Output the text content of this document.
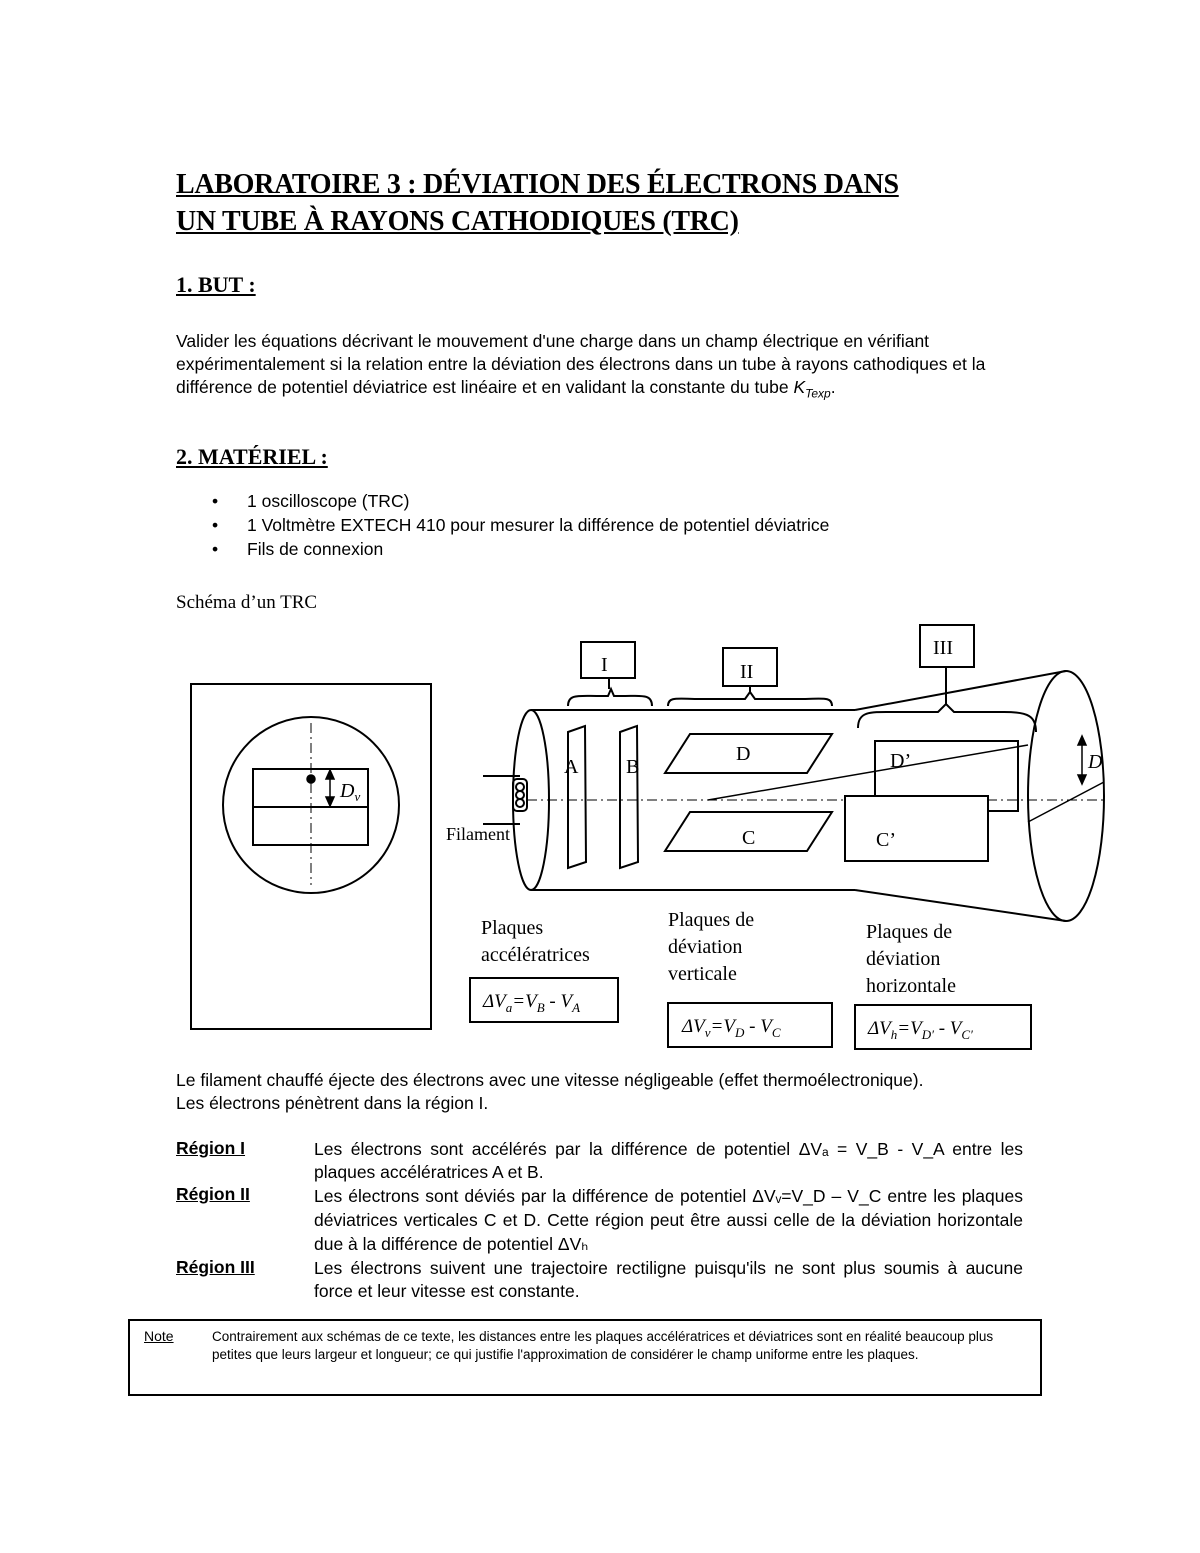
LABORATOIRE 3 : DÉVIATION DES ÉLECTRONS DANS
UN TUBE À RAYONS CATHODIQUES (TRC)
1. BUT :
Valider les équations décrivant le mouvement d'une charge dans un champ électrique en vérifiant expérimentalement si la relation entre la déviation des électrons dans un tube à rayons cathodiques et la différence de potentiel déviatrice est linéaire et en validant la constante du tube $K_{Texp}$.
2. MATÉRIEL :
• 1 oscilloscope (TRC)
• 1 Voltmètre EXTECH 410 pour mesurer la différence de potentiel déviatrice
• Fils de connexion
Schéma d’un TRC
I	II
III
A B
D
C
D’
C’
Filament
$D_v$
D
Plaques
accélératrices
Plaques de
déviation
verticale
Plaques de
déviation
horizontale
$\Delta V_a=V_B - V_A$
$\Delta V_v=V_D - V_C$	$\Delta V_h=V_{D'} - V_{C'}$
Le filament chauffé éjecte des électrons avec une vitesse négligeable (effet thermoélectronique).
Les électrons pénètrent dans la région I.
Région I	Les électrons sont accélérés par la différence de potentiel ΔVₐ = V_B - V_A entre les plaques accélératrices A et B.
Région II	Les électrons sont déviés par la différence de potentiel ΔVᵥ=V_D – V_C entre les plaques déviatrices verticales C et D. Cette région peut être aussi celle de la déviation horizontale due à la différence de potentiel ΔVₕ
Région III	Les électrons suivent une trajectoire rectiligne puisqu'ils ne sont plus soumis à aucune force et leur vitesse est constante.
Note	Contrairement aux schémas de ce texte, les distances entre les plaques accélératrices et déviatrices sont en réalité beaucoup plus petites que leurs largeur et longueur; ce qui justifie l'approximation de considérer le champ uniforme entre les plaques.
